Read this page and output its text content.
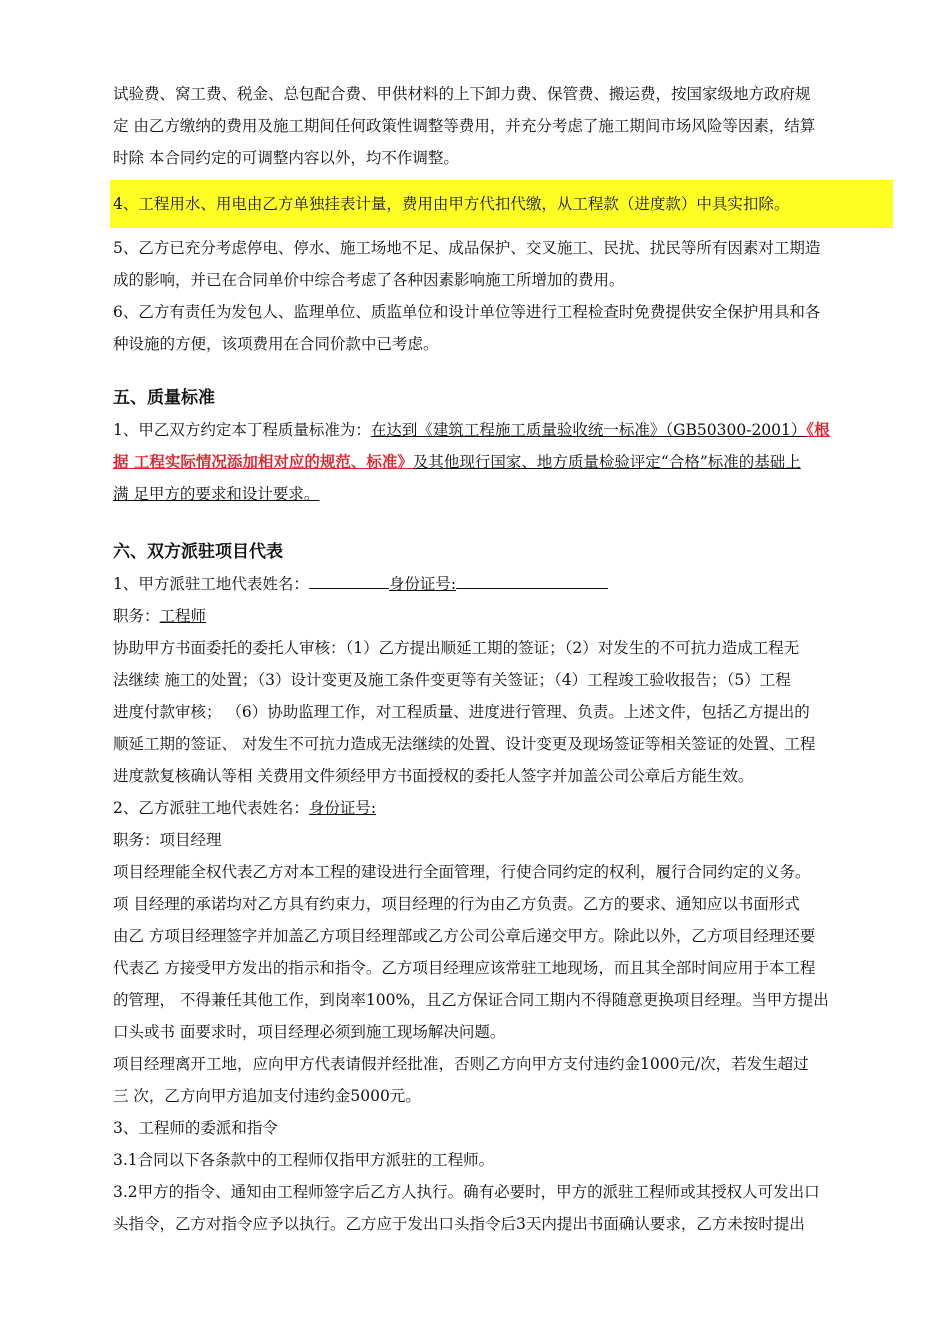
试验费、窝工费、税金、总包配合费、甲供材料的上下卸力费、保管费、搬运费，按国家级地方政府规
定 由乙方缴纳的费用及施工期间任何政策性调整等费用，并充分考虑了施工期间市场风险等因素，结算
时除 本合同约定的可调整内容以外，均不作调整。

4、工程用水、用电由乙方单独挂表计量，费用由甲方代扣代缴，从工程款（进度款）中具实扣除。

5、乙方已充分考虑停电、停水、施工场地不足、成品保护、交叉施工、民扰、扰民等所有因素对工期造
成的影响，并已在合同单价中综合考虑了各种因素影响施工所增加的费用。

6、乙方有责任为发包人、监理单位、质监单位和设计单位等进行工程检查时免费提供安全保护用具和各
种设施的方便，该项费用在合同价款中已考虑。

五、质量标准

1、甲乙双方约定本丁程质量标准为：在达到《建筑工程施工质量验收统一标准》（GB50300-2001）《根
据 工程实际情况添加相对应的规范、标准》及其他现行国家、地方质量检验评定“合格”标准的基础上
满 足甲方的要求和设计要求。

六、双方派驻项目代表

1、甲方派驻工地代表姓名：	身份证号:
职务：工程师
协助甲方书面委托的委托人审核：（1）乙方提出顺延工期的签证；（2）对发生的不可抗力造成工程无
法继续 施工的处置；（3）设计变更及施工条件变更等有关签证；（4）工程竣工验收报告；（5）工程
进度付款审核； （6）协助监理工作，对工程质量、进度进行管理、负责。上述文件，包括乙方提出的
顺延工期的签证、 对发生不可抗力造成无法继续的处置、设计变更及现场签证等相关签证的处置、工程
进度款复核确认等相 关费用文件须经甲方书面授权的委托人签字并加盖公司公章后方能生效。

2、乙方派驻工地代表姓名：身份证号:
职务：项目经理
项目经理能全权代表乙方对本工程的建设进行全面管理，行使合同约定的权利，履行合同约定的义务。
项 目经理的承诺均对乙方具有约束力，项目经理的行为由乙方负责。乙方的要求、通知应以书面形式
由乙 方项目经理签字并加盖乙方项目经理部或乙方公司公章后递交甲方。除此以外，乙方项目经理还要
代表乙 方接受甲方发出的指示和指令。乙方项目经理应该常驻工地现场，而且其全部时间应用于本工程
的管理， 不得兼任其他工作，到岗率100%，且乙方保证合同工期内不得随意更换项目经理。当甲方提出
口头或书 面要求时，项目经理必须到施工现场解决问题。
项目经理离开工地，应向甲方代表请假并经批准，否则乙方向甲方支付违约金1000元/次，若发生超过
三 次，乙方向甲方追加支付违约金5000元。

3、工程师的委派和指令
3.1合同以下各条款中的工程师仅指甲方派驻的工程师。
3.2甲方的指令、通知由工程师签字后乙方人执行。确有必要时，甲方的派驻工程师或其授权人可发出口
头指令，乙方对指令应予以执行。乙方应于发出口头指令后3天内提出书面确认要求，乙方未按时提出
